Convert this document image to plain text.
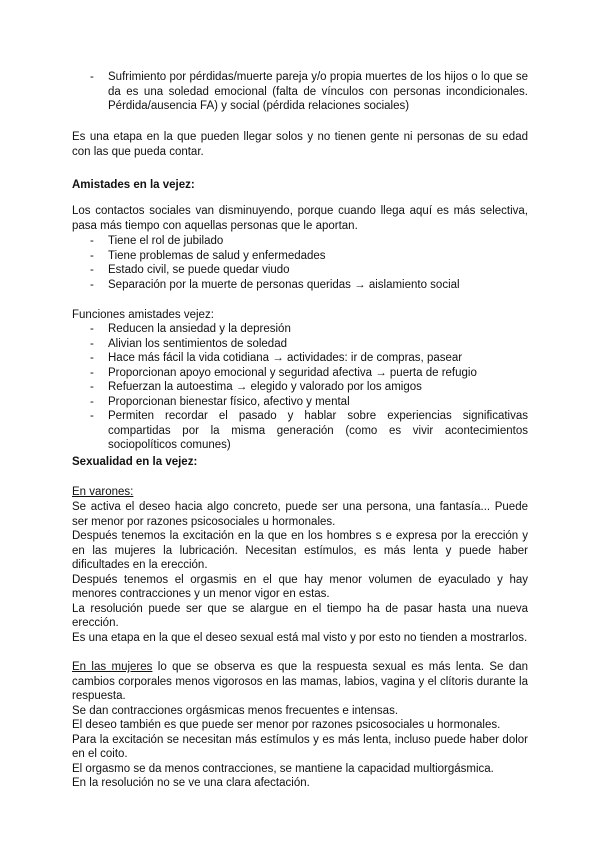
- Sufrimiento por pérdidas/muerte pareja y/o propia muertes de los hijos o lo que se da es una soledad emocional (falta de vínculos con personas incondicionales. Pérdida/ausencia FA) y social (pérdida relaciones sociales)

Es una etapa en la que pueden llegar solos y no tienen gente ni personas de su edad con las que pueda contar.

Amistades en la vejez:

Los contactos sociales van disminuyendo, porque cuando llega aquí es más selectiva, pasa más tiempo con aquellas personas que le aportan.

- Tiene el rol de jubilado
- Tiene problemas de salud y enfermedades
- Estado civil, se puede quedar viudo
- Separación por la muerte de personas queridas → aislamiento social

Funciones amistades vejez:

- Reducen la ansiedad y la depresión
- Alivian los sentimientos de soledad
- Hace más fácil la vida cotidiana → actividades: ir de compras, pasear
- Proporcionan apoyo emocional y seguridad afectiva → puerta de refugio
- Refuerzan la autoestima → elegido y valorado por los amigos
- Proporcionan bienestar físico, afectivo y mental
- Permiten recordar el pasado y hablar sobre experiencias significativas compartidas por la misma generación (como es vivir acontecimientos sociopolíticos comunes)

Sexualidad en la vejez:

En varones:

Se activa el deseo hacia algo concreto, puede ser una persona, una fantasía... Puede ser menor por razones psicosociales u hormonales.

Después tenemos la excitación en la que en los hombres s e expresa por la erección y en las mujeres la lubricación. Necesitan estímulos, es más lenta y puede haber dificultades en la erección.

Después tenemos el orgasmis en el que hay menor volumen de eyaculado y hay menores contracciones y un menor vigor en estas.

La resolución puede ser que se alargue en el tiempo ha de pasar hasta una nueva erección.

Es una etapa en la que el deseo sexual está mal visto y por esto no tienden a mostrarlos.

En las mujeres lo que se observa es que la respuesta sexual es más lenta. Se dan cambios corporales menos vigorosos en las mamas, labios, vagina y el clítoris durante la respuesta.

Se dan contracciones orgásmicas menos frecuentes e intensas.

El deseo también es que puede ser menor por razones psicosociales u hormonales.

Para la excitación se necesitan más estímulos y es más lenta, incluso puede haber dolor en el coito.

El orgasmo se da menos contracciones, se mantiene la capacidad multiorgásmica.

En la resolución no se ve una clara afectación.
